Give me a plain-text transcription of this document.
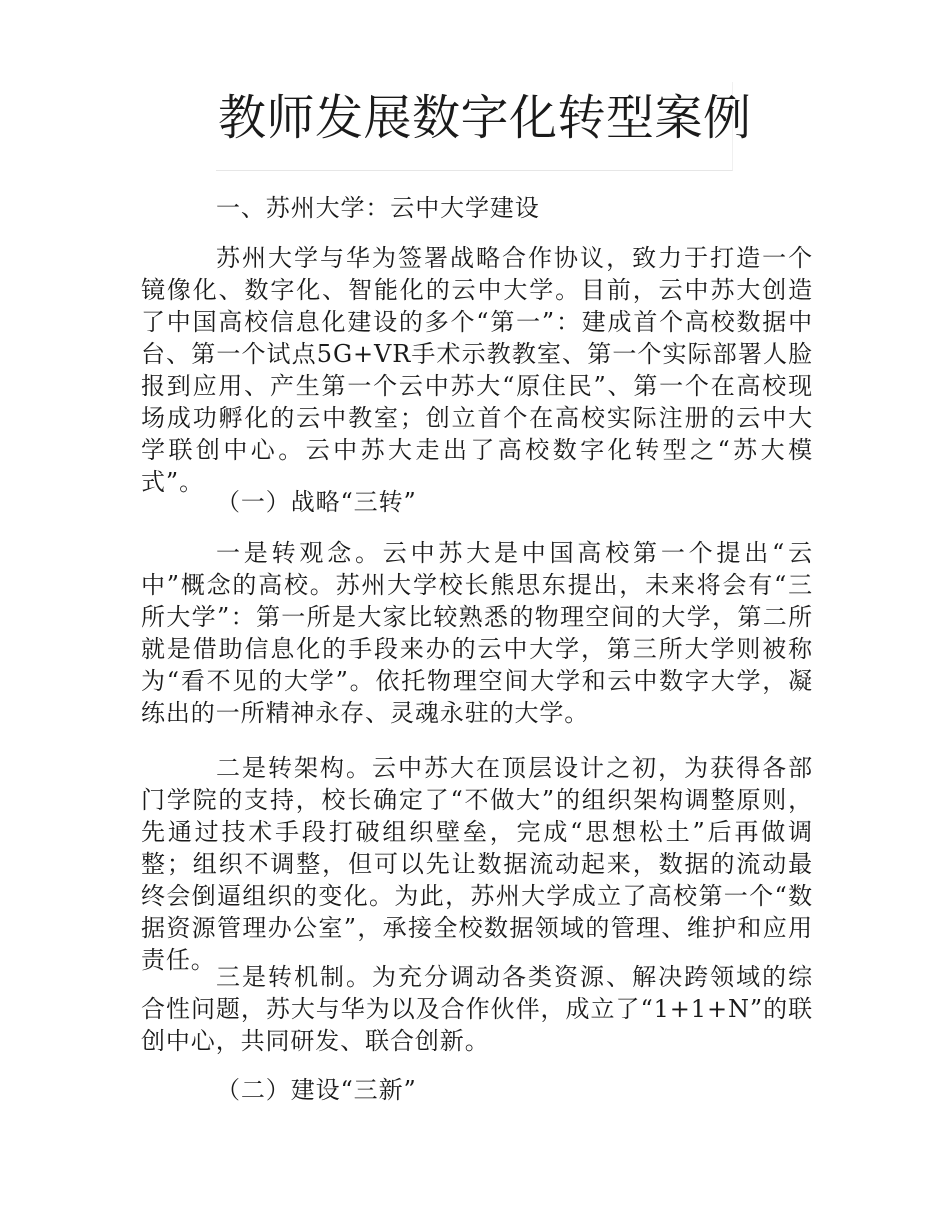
教师发展数字化转型案例
一、苏州大学：云中大学建设

苏州大学与华为签署战略合作协议，致力于打造一个镜像化、数字化、智能化的云中大学。目前，云中苏大创造了中国高校信息化建设的多个“第一”：建成首个高校数据中台、第一个试点5G+VR手术示教教室、第一个实际部署人脸报到应用、产生第一个云中苏大“原住民”、第一个在高校现场成功孵化的云中教室；创立首个在高校实际注册的云中大学联创中心。云中苏大走出了高校数字化转型之“苏大模式”。

（一）战略“三转”

一是转观念。云中苏大是中国高校第一个提出“云中”概念的高校。苏州大学校长熊思东提出，未来将会有“三所大学”：第一所是大家比较熟悉的物理空间的大学，第二所就是借助信息化的手段来办的云中大学，第三所大学则被称为“看不见的大学”。依托物理空间大学和云中数字大学，凝练出的一所精神永存、灵魂永驻的大学。

二是转架构。云中苏大在顶层设计之初，为获得各部门学院的支持，校长确定了“不做大”的组织架构调整原则，先通过技术手段打破组织壁垒，完成“思想松土”后再做调整；组织不调整，但可以先让数据流动起来，数据的流动最终会倒逼组织的变化。为此，苏州大学成立了高校第一个“数据资源管理办公室”，承接全校数据领域的管理、维护和应用责任。

三是转机制。为充分调动各类资源、解决跨领域的综合性问题，苏大与华为以及合作伙伴，成立了“1+1+N”的联创中心，共同研发、联合创新。

（二）建设“三新”
